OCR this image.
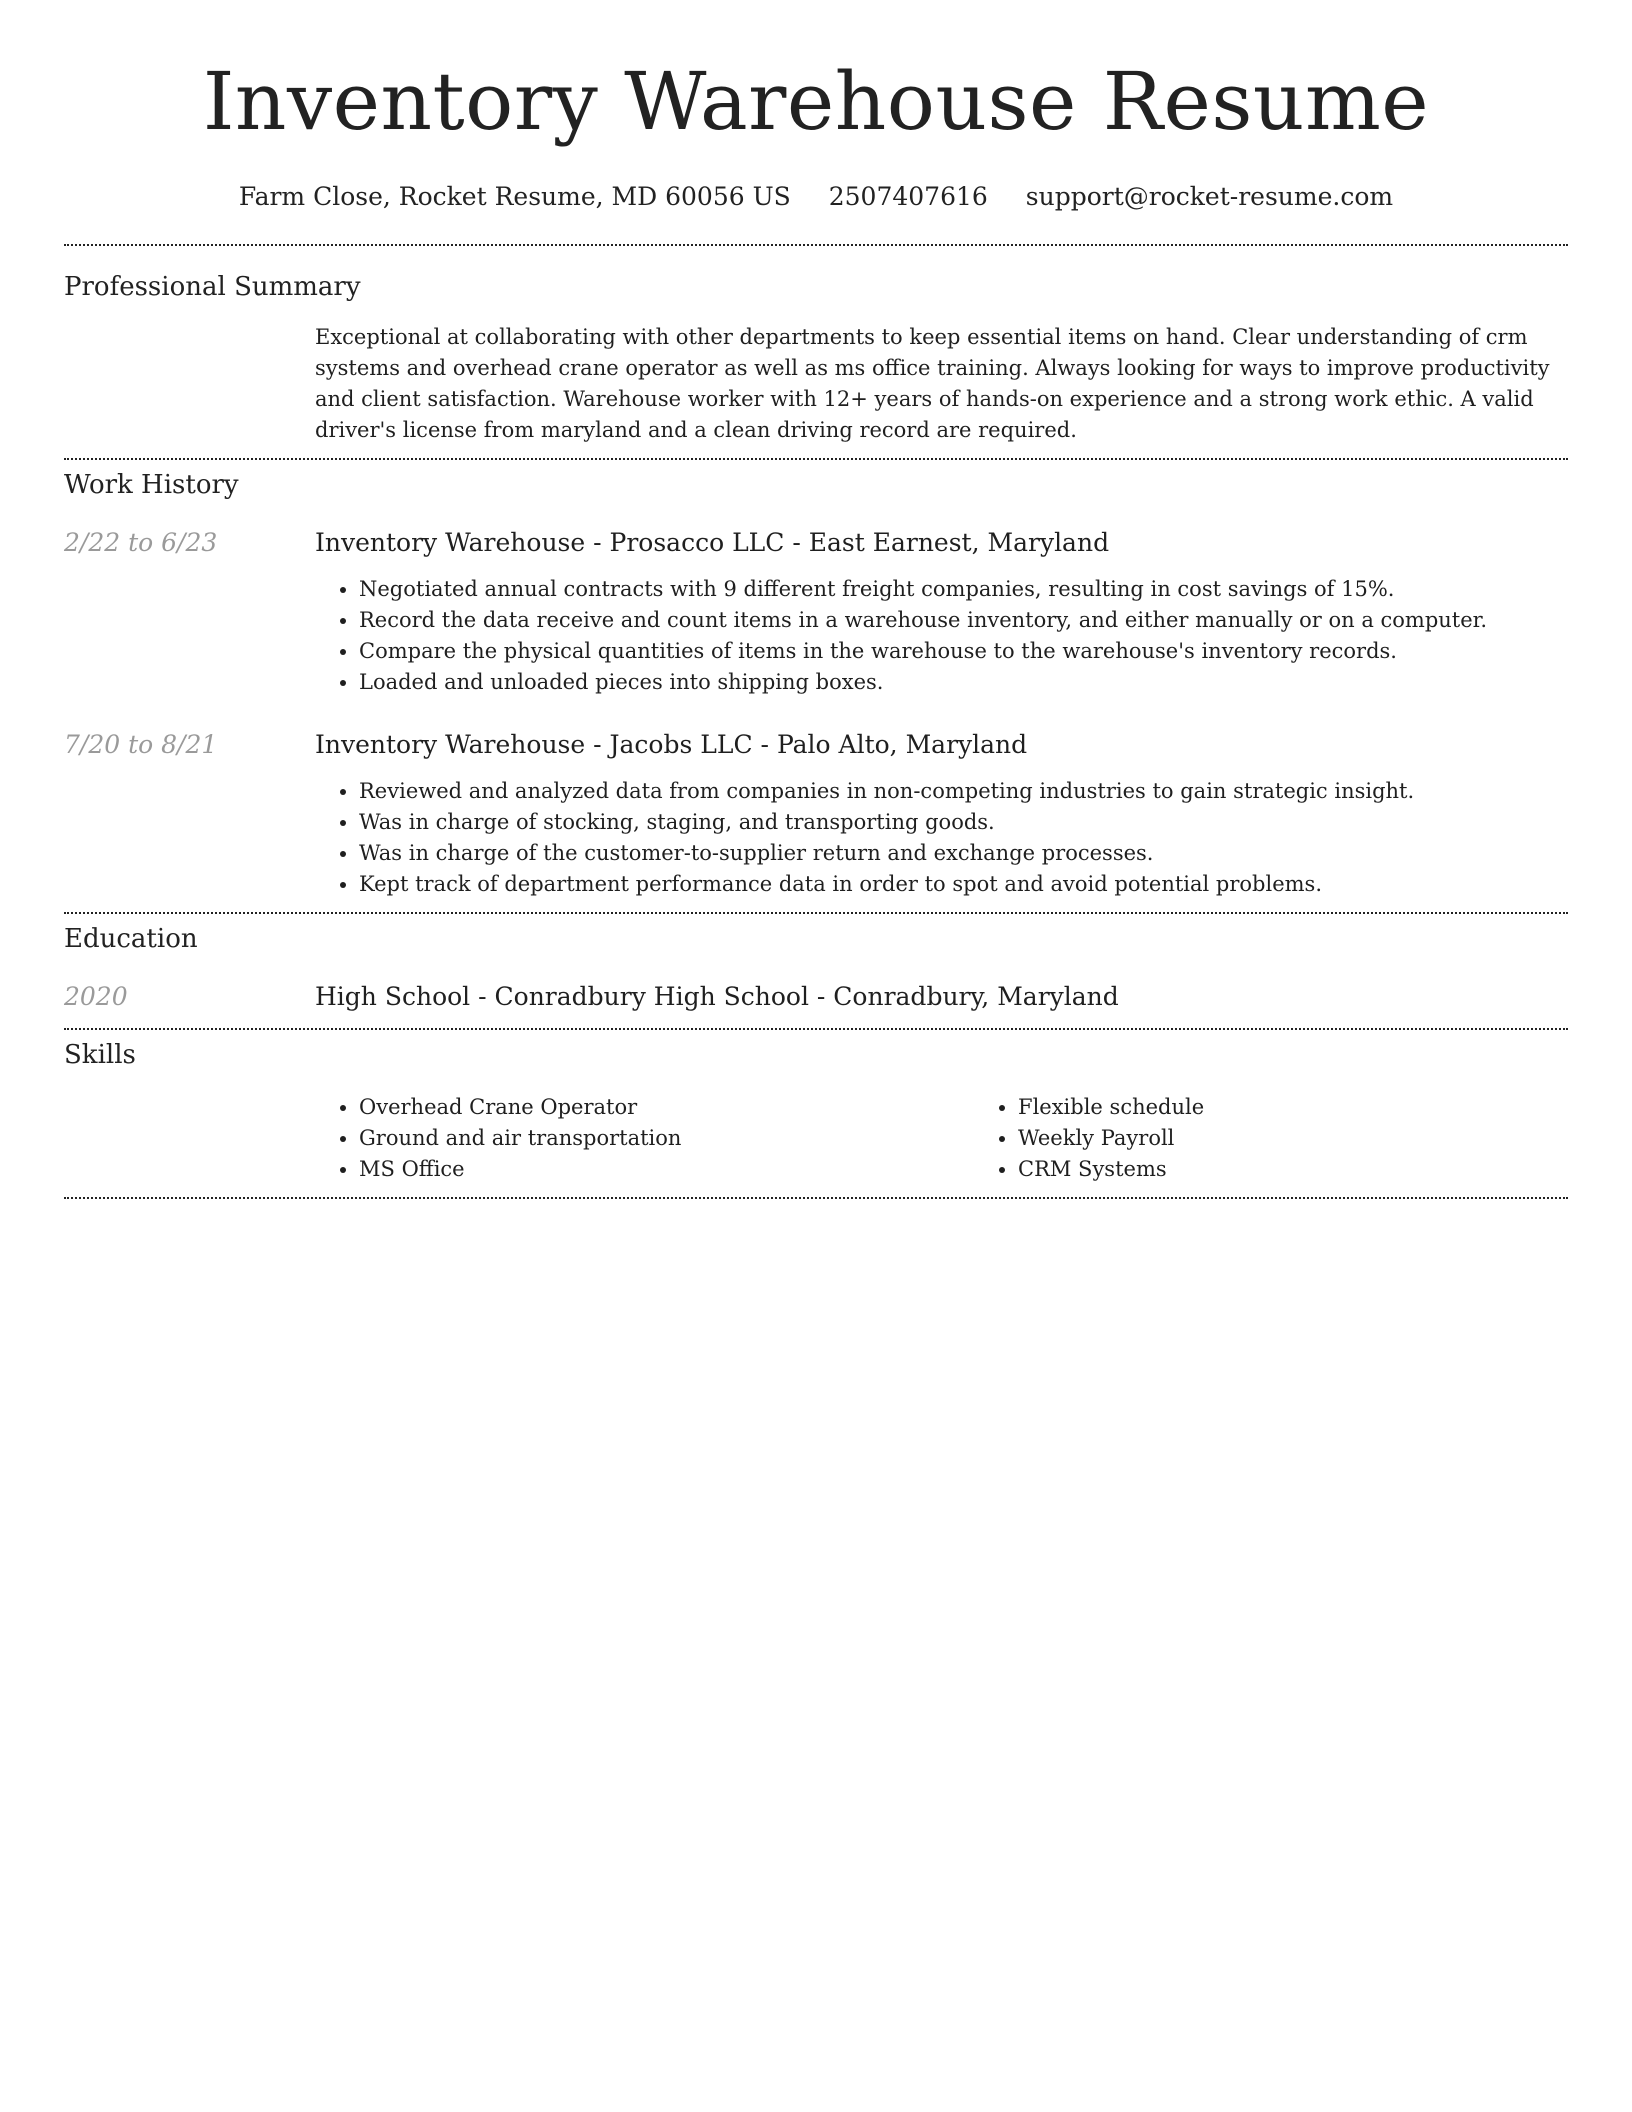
Inventory Warehouse Resume
Farm Close, Rocket Resume, MD 60056 US 2507407616 support@rocket-resume.com
Professional Summary
Exceptional at collaborating with other departments to keep essential items on hand. Clear understanding of crm systems and overhead crane operator as well as ms office training. Always looking for ways to improve productivity and client satisfaction. Warehouse worker with 12+ years of hands-on experience and a strong work ethic. A valid driver's license from maryland and a clean driving record are required.
Work History
2/22 to 6/23	Inventory Warehouse - Prosacco LLC - East Earnest, Maryland
• Negotiated annual contracts with 9 different freight companies, resulting in cost savings of 15%.
• Record the data receive and count items in a warehouse inventory, and either manually or on a computer.
• Compare the physical quantities of items in the warehouse to the warehouse's inventory records.
• Loaded and unloaded pieces into shipping boxes.
7/20 to 8/21	Inventory Warehouse - Jacobs LLC - Palo Alto, Maryland
• Reviewed and analyzed data from companies in non-competing industries to gain strategic insight.
• Was in charge of stocking, staging, and transporting goods.
• Was in charge of the customer-to-supplier return and exchange processes.
• Kept track of department performance data in order to spot and avoid potential problems.
Education
2020	High School - Conradbury High School - Conradbury, Maryland
Skills
• Overhead Crane Operator
• Ground and air transportation
• MS Office
• Flexible schedule
• Weekly Payroll
• CRM Systems
